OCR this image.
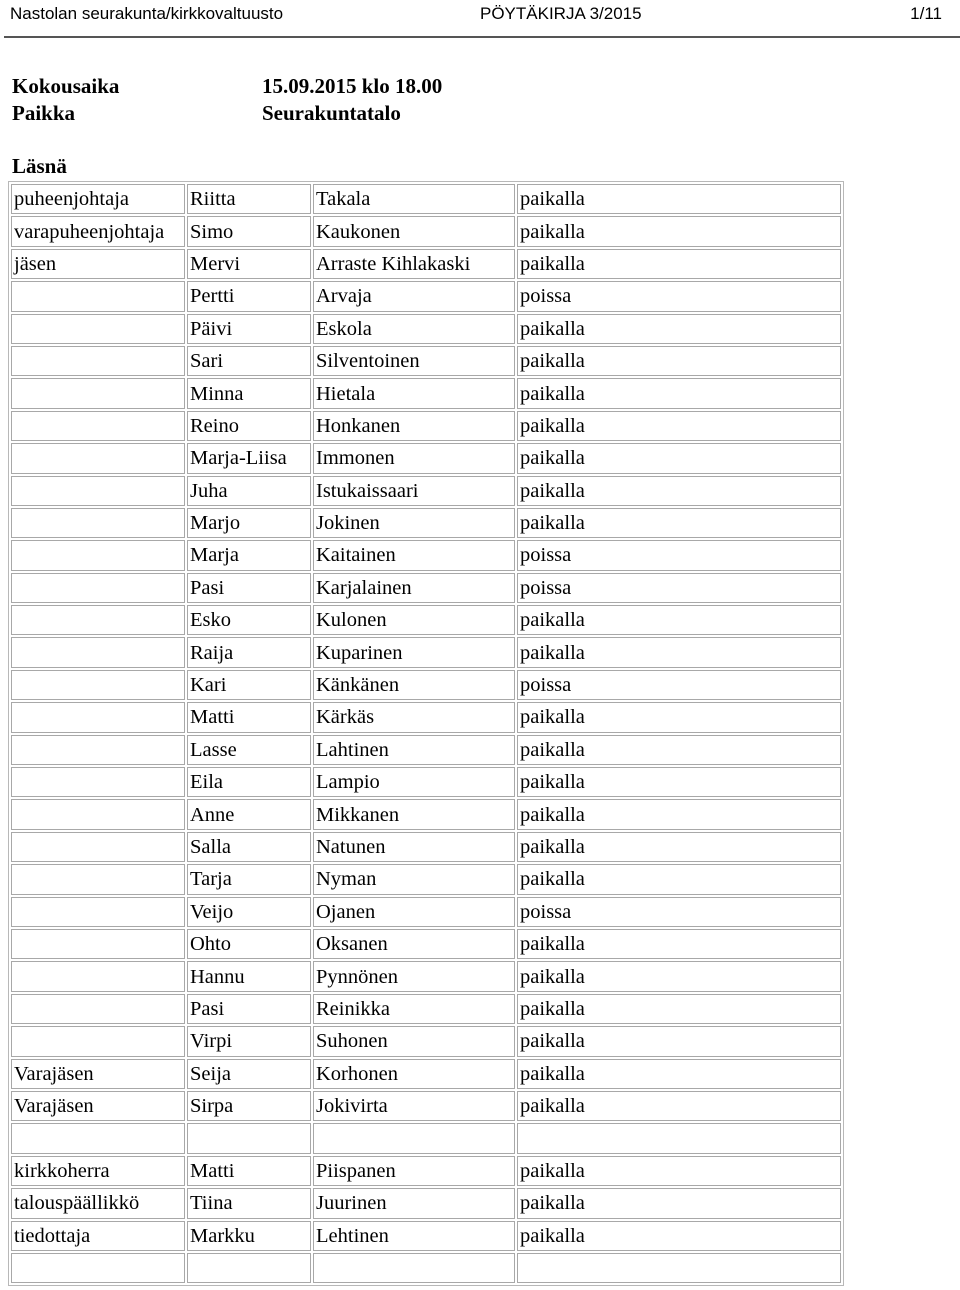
Nastolan seurakunta/kirkkovaltuusto	PÖYTÄKIRJA 3/2015	1/11
Kokousaika	15.09.2015 klo 18.00
Paikka	Seurakuntatalo
Läsnä
puheenjohtaja	Riitta	Takala	paikalla
varapuheenjohtaja	Simo	Kaukonen	paikalla
jäsen	Mervi	Arraste Kihlakaski	paikalla
	Pertti	Arvaja	poissa
	Päivi	Eskola	paikalla
	Sari	Silventoinen	paikalla
	Minna	Hietala	paikalla
	Reino	Honkanen	paikalla
	Marja-Liisa	Immonen	paikalla
	Juha	Istukaissaari	paikalla
	Marjo	Jokinen	paikalla
	Marja	Kaitainen	poissa
	Pasi	Karjalainen	poissa
	Esko	Kulonen	paikalla
	Raija	Kuparinen	paikalla
	Kari	Känkänen	poissa
	Matti	Kärkäs	paikalla
	Lasse	Lahtinen	paikalla
	Eila	Lampio	paikalla
	Anne	Mikkanen	paikalla
	Salla	Natunen	paikalla
	Tarja	Nyman	paikalla
	Veijo	Ojanen	poissa
	Ohto	Oksanen	paikalla
	Hannu	Pynnönen	paikalla
	Pasi	Reinikka	paikalla
	Virpi	Suhonen	paikalla
Varajäsen	Seija	Korhonen	paikalla
Varajäsen	Sirpa	Jokivirta	paikalla

kirkkoherra	Matti	Piispanen	paikalla
talouspäällikkö	Tiina	Juurinen	paikalla
tiedottaja	Markku	Lehtinen	paikalla
